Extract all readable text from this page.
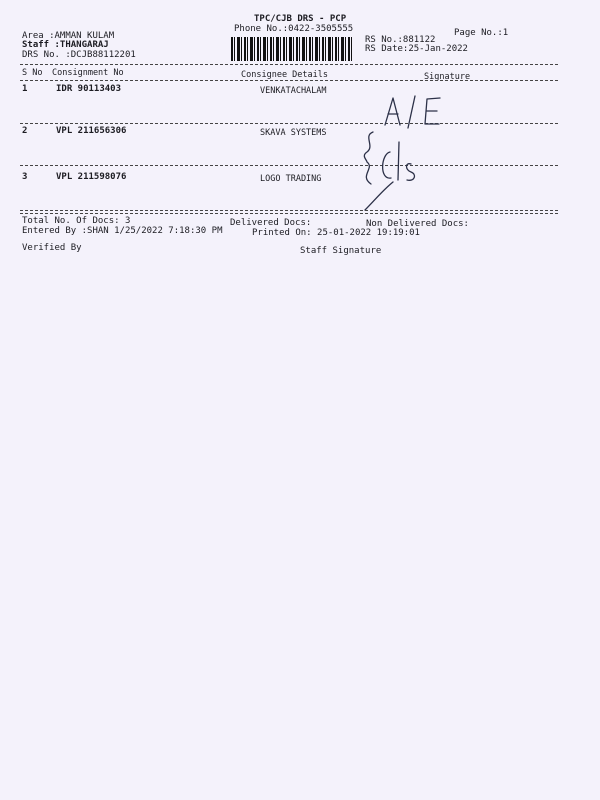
TPC/CJB DRS - PCP
Phone No.:0422-3505555	Page No.:1
Area :AMMAN KULAM
Staff :THANGARAJ
DRS No. :DCJB88112201
RS No.:881122
RS Date:25-Jan-2022
S No Consignment No	Consignee Details	Signature
1	IDR 90113403	VENKATACHALAM
2	VPL 211656306	SKAVA SYSTEMS
3	VPL 211598076	LOGO TRADING
Total No. Of Docs: 3	Delivered Docs:	Non Delivered Docs:
Entered By :SHAN 1/25/2022 7:18:30 PM	Printed On: 25-01-2022 19:19:01
Verified By	Staff Signature
